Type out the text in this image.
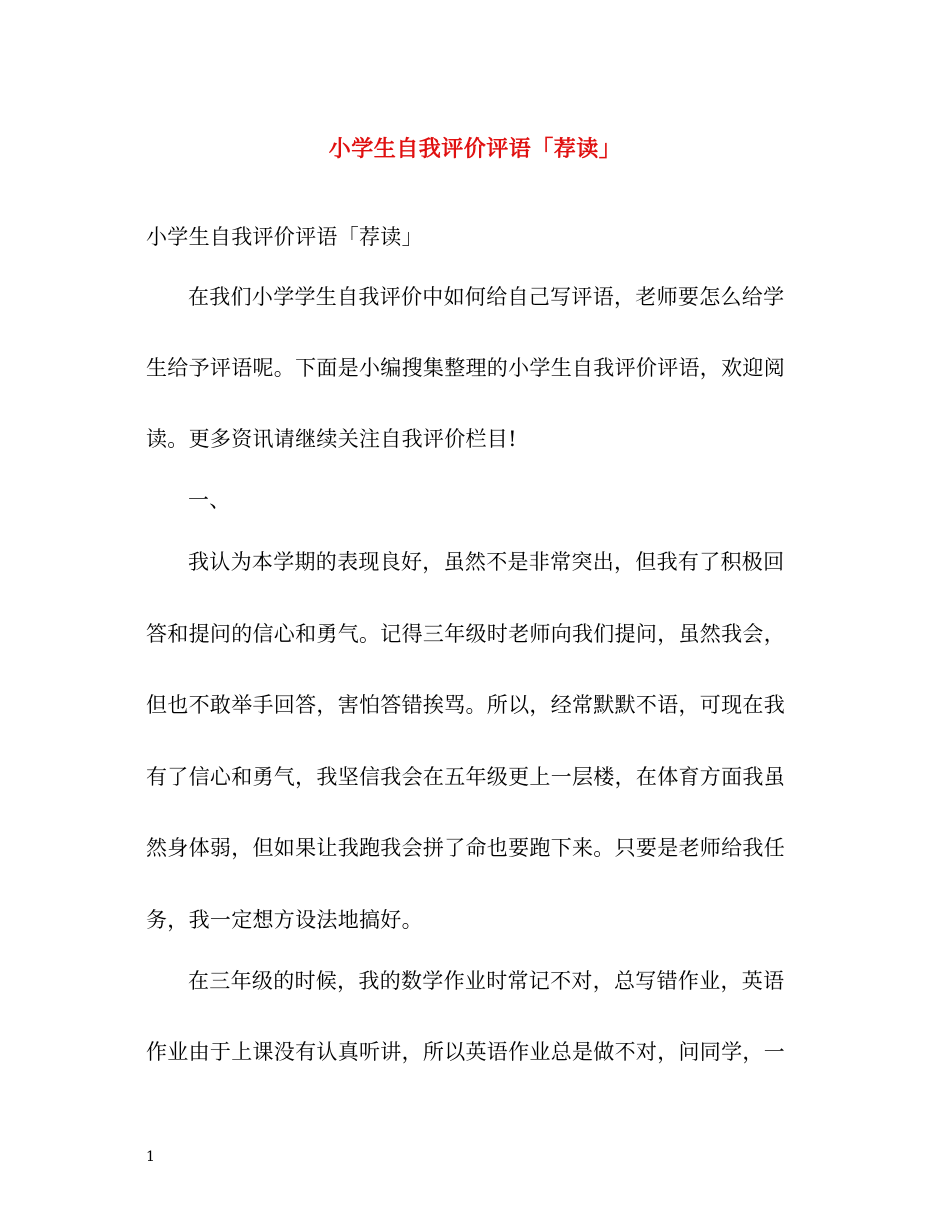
小学生自我评价评语「荐读」
小学生自我评价评语「荐读」
在我们小学学生自我评价中如何给自己写评语，老师要怎么给学
生给予评语呢。下面是小编搜集整理的小学生自我评价评语，欢迎阅
读。更多资讯请继续关注自我评价栏目!
一、
我认为本学期的表现良好，虽然不是非常突出，但我有了积极回
答和提问的信心和勇气。记得三年级时老师向我们提问，虽然我会，
但也不敢举手回答，害怕答错挨骂。所以，经常默默不语，可现在我
有了信心和勇气，我坚信我会在五年级更上一层楼，在体育方面我虽
然身体弱，但如果让我跑我会拼了命也要跑下来。只要是老师给我任
务，我一定想方设法地搞好。
在三年级的时候，我的数学作业时常记不对，总写错作业，英语
作业由于上课没有认真听讲，所以英语作业总是做不对，问同学，一
1
